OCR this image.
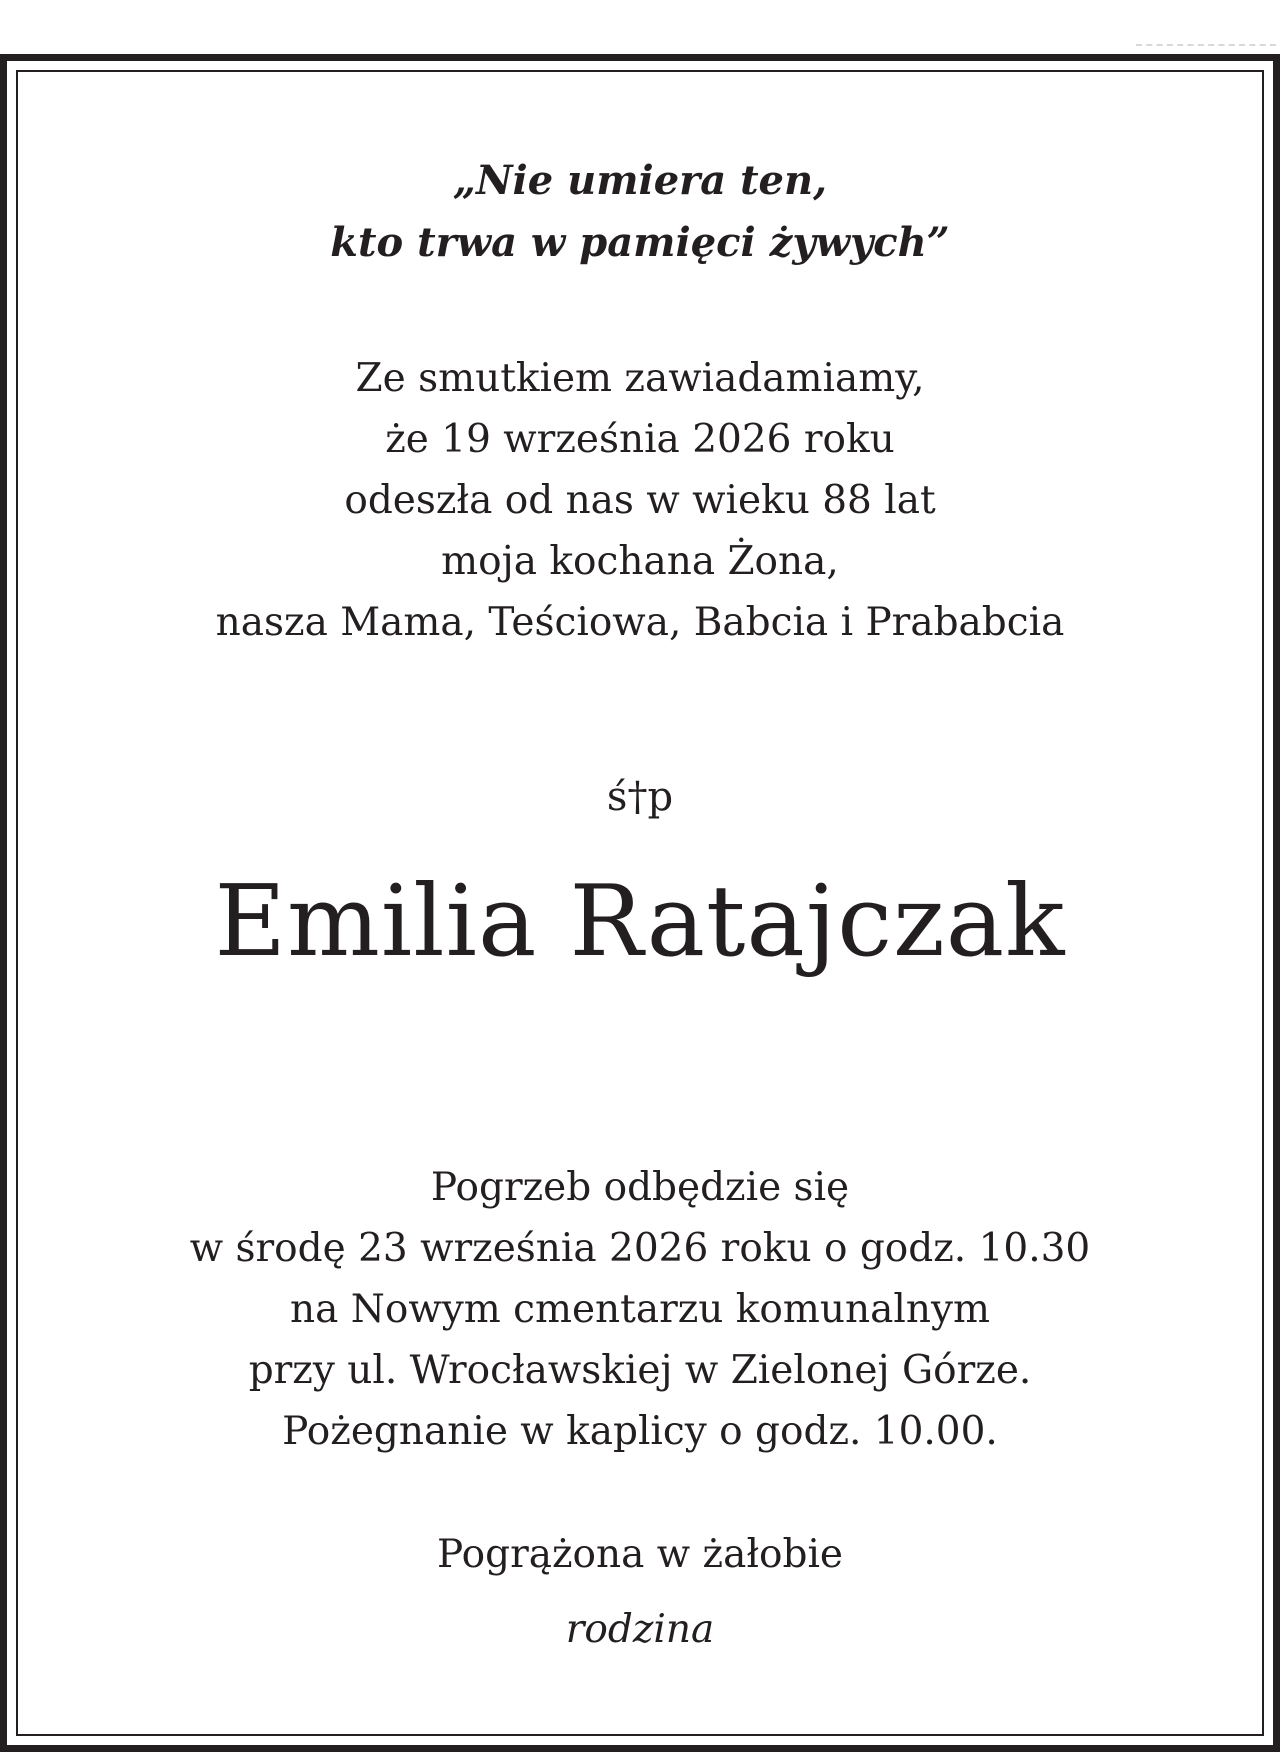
„Nie umiera ten,
kto trwa w pamięci żywych”
Ze smutkiem zawiadamiamy,
że 19 września 2026 roku
odeszła od nas w wieku 88 lat
moja kochana Żona,
nasza Mama, Teściowa, Babcia i Prababcia
ś†p
Emilia Ratajczak
Pogrzeb odbędzie się
w środę 23 września 2026 roku o godz. 10.30
na Nowym cmentarzu komunalnym
przy ul. Wrocławskiej w Zielonej Górze.
Pożegnanie w kaplicy o godz. 10.00.
Pogrążona w żałobie
rodzina
